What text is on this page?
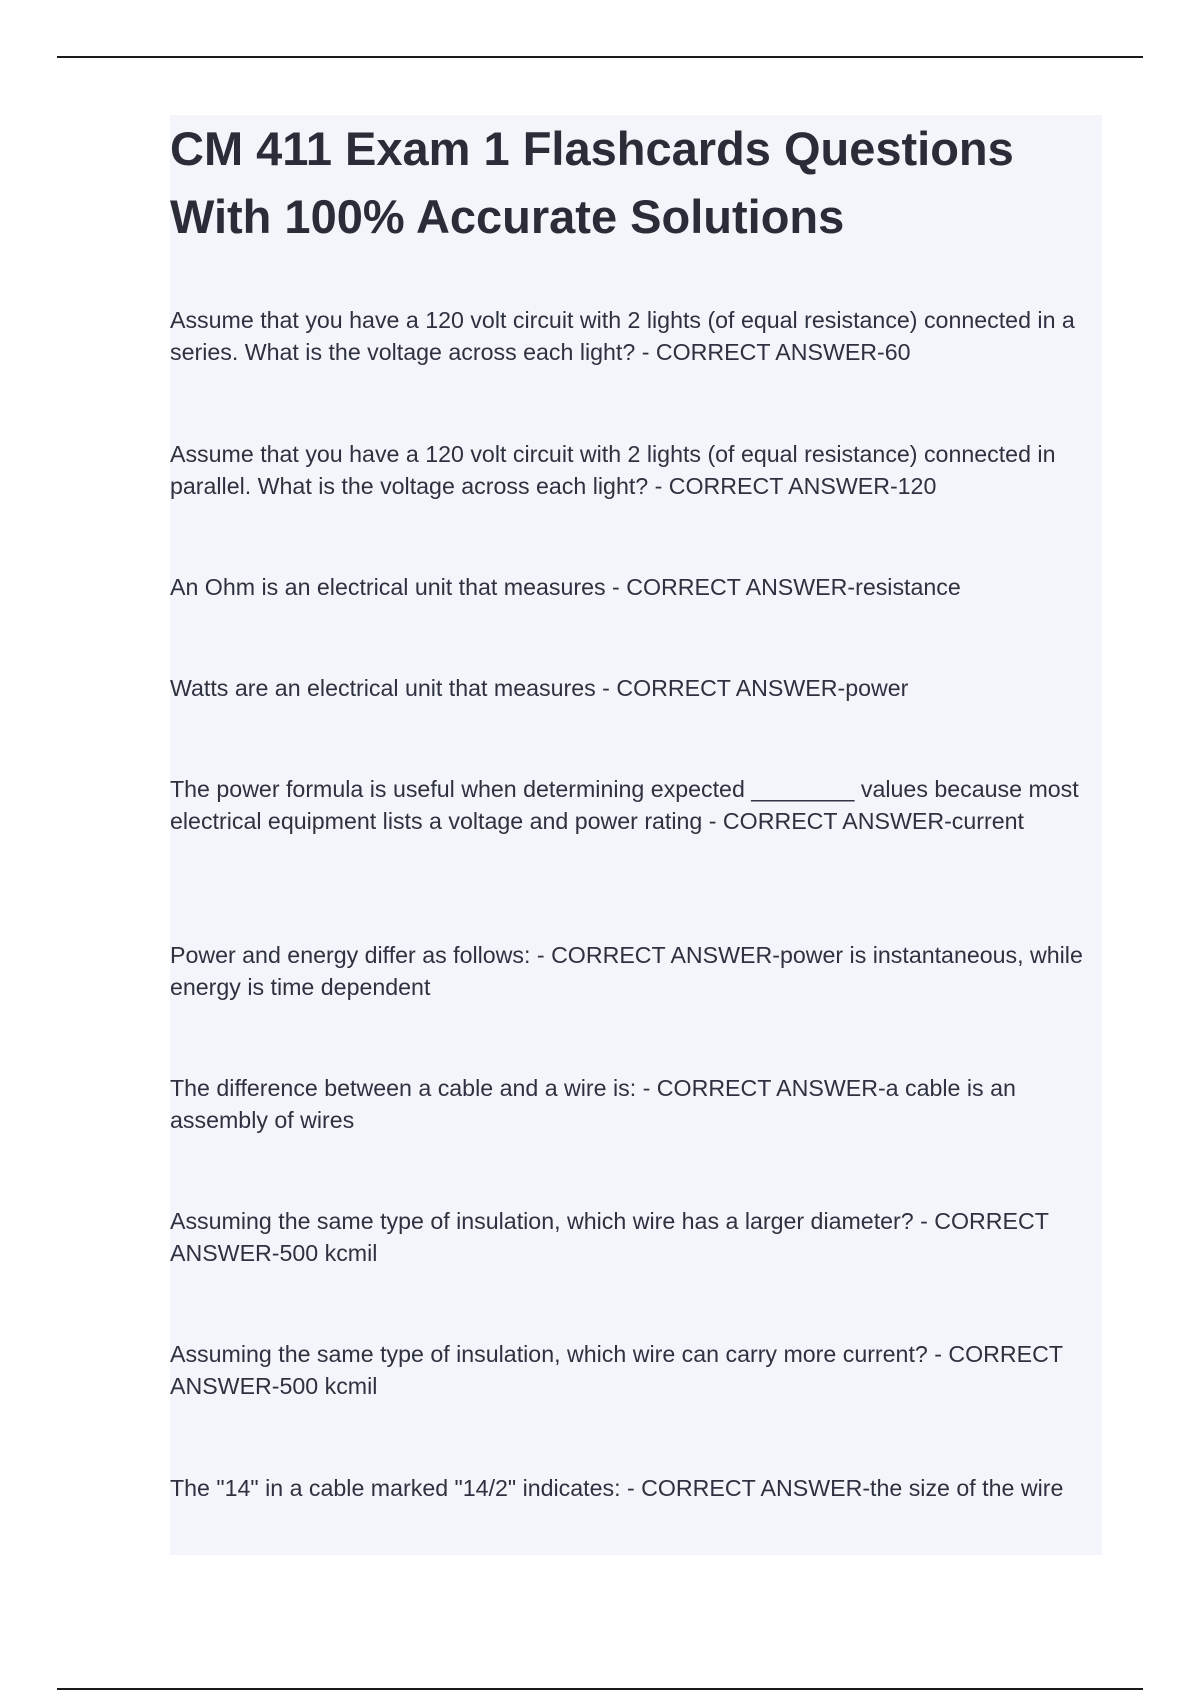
CM 411 Exam 1 Flashcards Questions With 100% Accurate Solutions

Assume that you have a 120 volt circuit with 2 lights (of equal resistance) connected in a series. What is the voltage across each light? - CORRECT ANSWER-60

Assume that you have a 120 volt circuit with 2 lights (of equal resistance) connected in parallel. What is the voltage across each light? - CORRECT ANSWER-120

An Ohm is an electrical unit that measures - CORRECT ANSWER-resistance

Watts are an electrical unit that measures - CORRECT ANSWER-power

The power formula is useful when determining expected ________ values because most electrical equipment lists a voltage and power rating - CORRECT ANSWER-current

Power and energy differ as follows: - CORRECT ANSWER-power is instantaneous, while energy is time dependent

The difference between a cable and a wire is: - CORRECT ANSWER-a cable is an assembly of wires

Assuming the same type of insulation, which wire has a larger diameter? - CORRECT ANSWER-500 kcmil

Assuming the same type of insulation, which wire can carry more current? - CORRECT ANSWER-500 kcmil

The "14" in a cable marked "14/2" indicates: - CORRECT ANSWER-the size of the wire
